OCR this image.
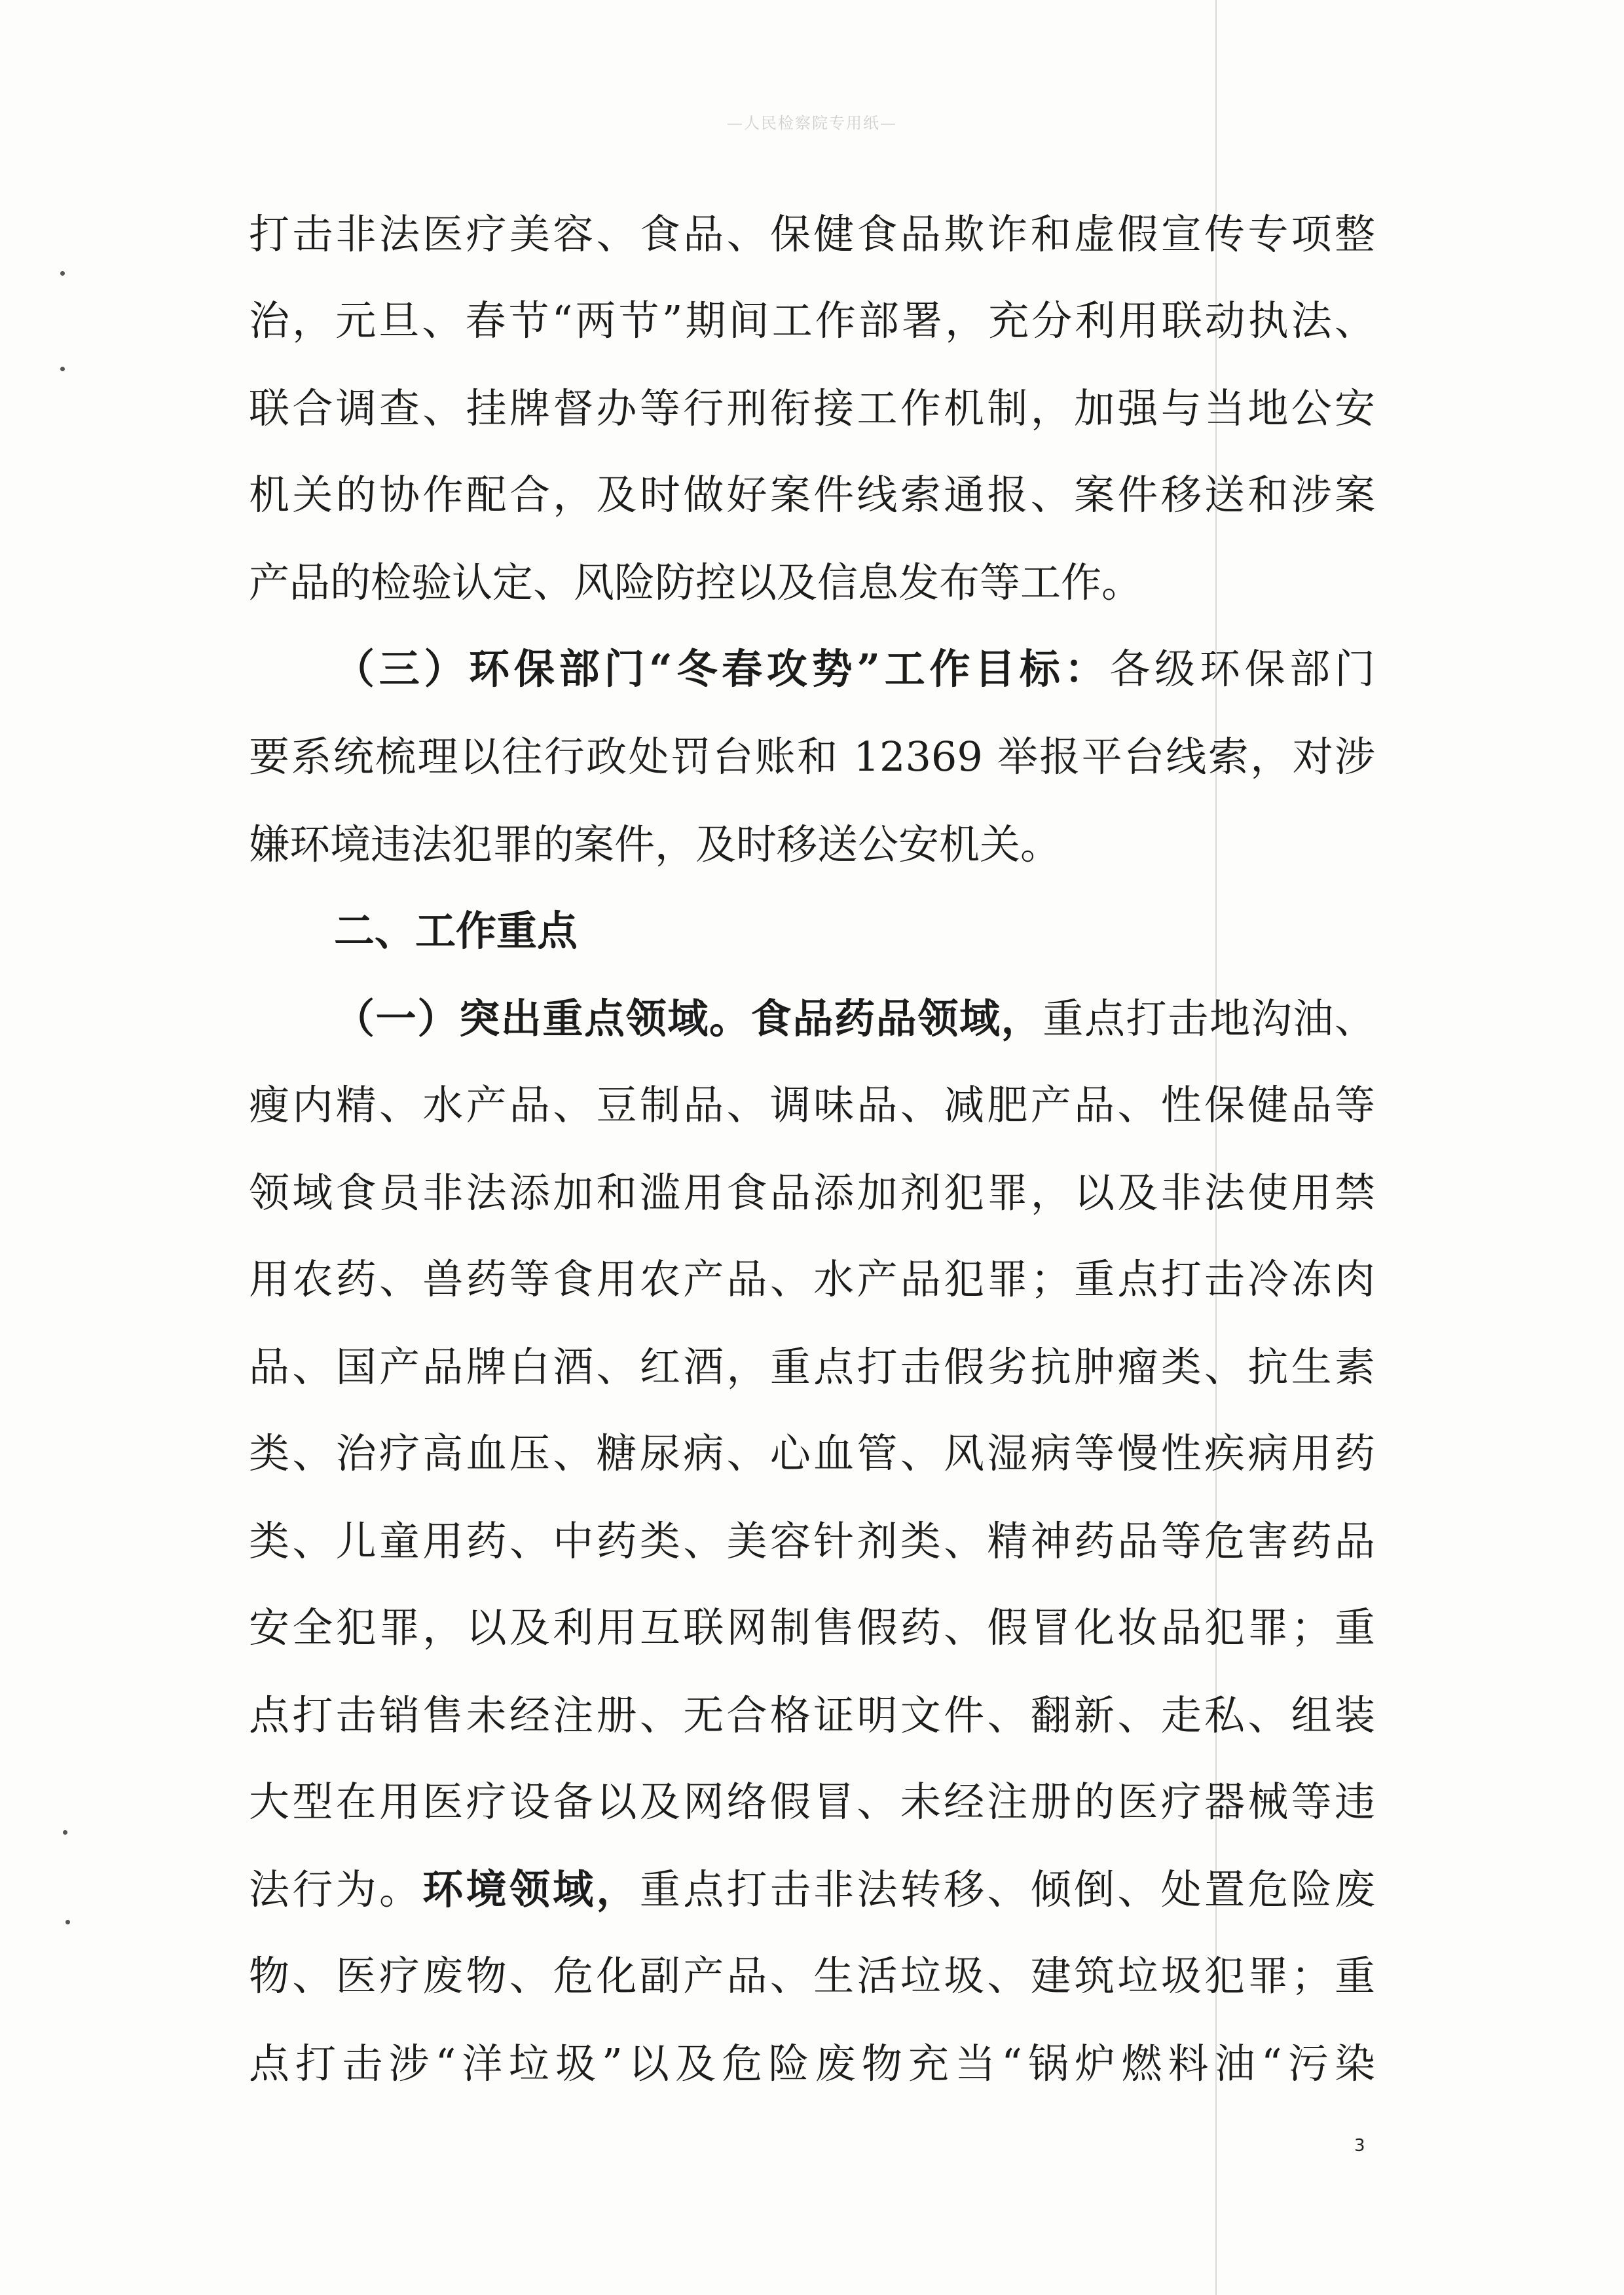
—人民检察院专用纸—
打击非法医疗美容、食品、保健食品欺诈和虚假宣传专项整
治，元旦、春节“两节”期间工作部署，充分利用联动执法、
联合调查、挂牌督办等行刑衔接工作机制，加强与当地公安
机关的协作配合，及时做好案件线索通报、案件移送和涉案
产品的检验认定、风险防控以及信息发布等工作。
（三）环保部门“冬春攻势”工作目标：各级环保部门
要系统梳理以往行政处罚台账和 12369 举报平台线索，对涉
嫌环境违法犯罪的案件，及时移送公安机关。
二、工作重点
（一）突出重点领域。食品药品领域，重点打击地沟油、
瘦内精、水产品、豆制品、调味品、减肥产品、性保健品等
领域食员非法添加和滥用食品添加剂犯罪，以及非法使用禁
用农药、兽药等食用农产品、水产品犯罪；重点打击冷冻肉
品、国产品牌白酒、红酒，重点打击假劣抗肿瘤类、抗生素
类、治疗高血压、糖尿病、心血管、风湿病等慢性疾病用药
类、儿童用药、中药类、美容针剂类、精神药品等危害药品
安全犯罪，以及利用互联网制售假药、假冒化妆品犯罪；重
点打击销售未经注册、无合格证明文件、翻新、走私、组装
大型在用医疗设备以及网络假冒、未经注册的医疗器械等违
法行为。环境领域，重点打击非法转移、倾倒、处置危险废
物、医疗废物、危化副产品、生活垃圾、建筑垃圾犯罪；重
点打击涉“洋垃圾”以及危险废物充当“锅炉燃料油“污染
3
